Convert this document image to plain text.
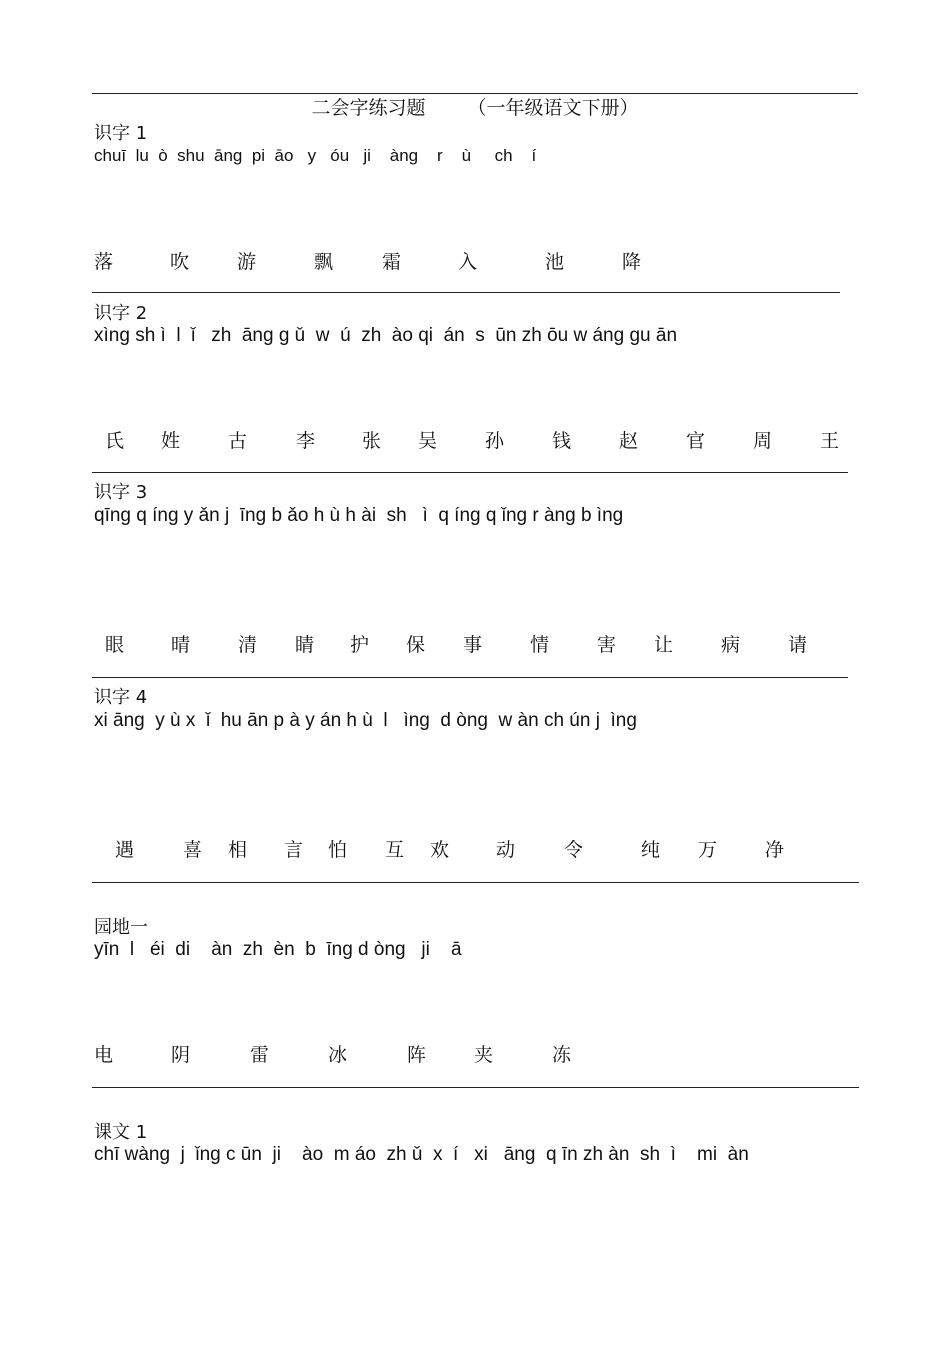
二会字练习题 （一年级语文下册）
识字 1
chuī  lu  ò  shu  āng  pi  āo   y   óu   ji    àng    r    ù     ch    í
落	吹	游	飘	霜	入	池	降
识字 2
xìng sh ì  l  ǐ   zh  āng g ǔ  w  ú  zh  ào qi  án  s  ūn zh ōu w áng gu ān
氏 姓	古	李 张 吴	孙	钱	赵	官	周	王
识字 3
qīng q íng y ǎn j  īng b ǎo h ù h ài  sh   ì  q íng q ǐng r àng b ìng
眼 晴	清 睛 护 保 事	情	害 让	病	请
识字 4
xi āng  y ù x  ǐ  hu ān p à y án h ù  l   ìng  d òng  w àn ch ún j  ìng
遇	喜 相 言 怕 互 欢 动	令	纯 万	净
园地一
yīn  l   éi  di    àn  zh  èn  b  īng d òng   ji    ā
电	阴	雷	冰	阵	夹	冻
课文 1
chī wàng  j  ǐng c ūn  ji    ào  m áo  zh ǔ  x  í   xi   āng  q īn zh àn  sh  ì    mi  àn
